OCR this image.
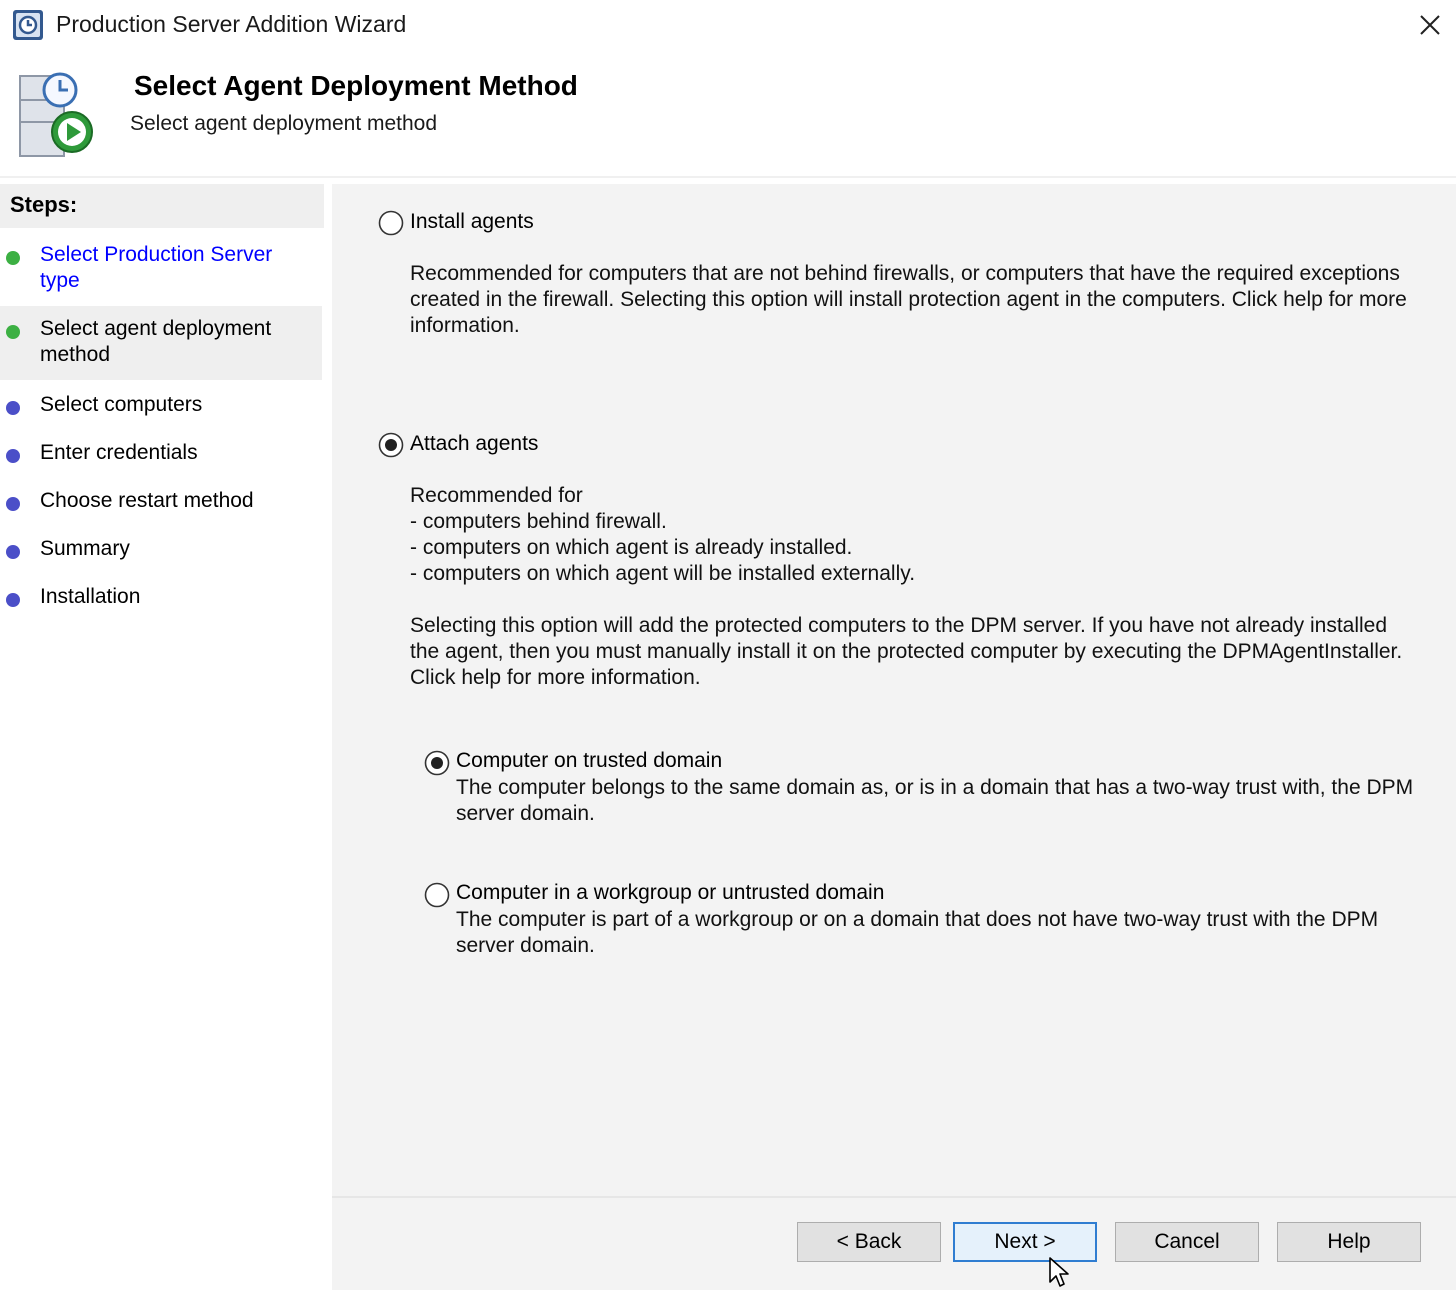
Production Server Addition Wizard
Select Agent Deployment Method
Select agent deployment method
Steps:
Select Production Server type
Select agent deployment method
Select computers
Enter credentials
Choose restart method
Summary
Installation
Install agents
Recommended for computers that are not behind firewalls, or computers that have the required exceptions created in the firewall. Selecting this option will install protection agent in the computers. Click help for more information.
Attach agents
Recommended for
- computers behind firewall.
- computers on which agent is already installed.
- computers on which agent will be installed externally.
Selecting this option will add the protected computers to the DPM server. If you have not already installed the agent, then you must manually install it on the protected computer by executing the DPMAgentInstaller. Click help for more information.
Computer on trusted domain
The computer belongs to the same domain as, or is in a domain that has a two-way trust with, the DPM server domain.
Computer in a workgroup or untrusted domain
The computer is part of a workgroup or on a domain that does not have two-way trust with the DPM server domain.
< Back	Next >	Cancel	Help
